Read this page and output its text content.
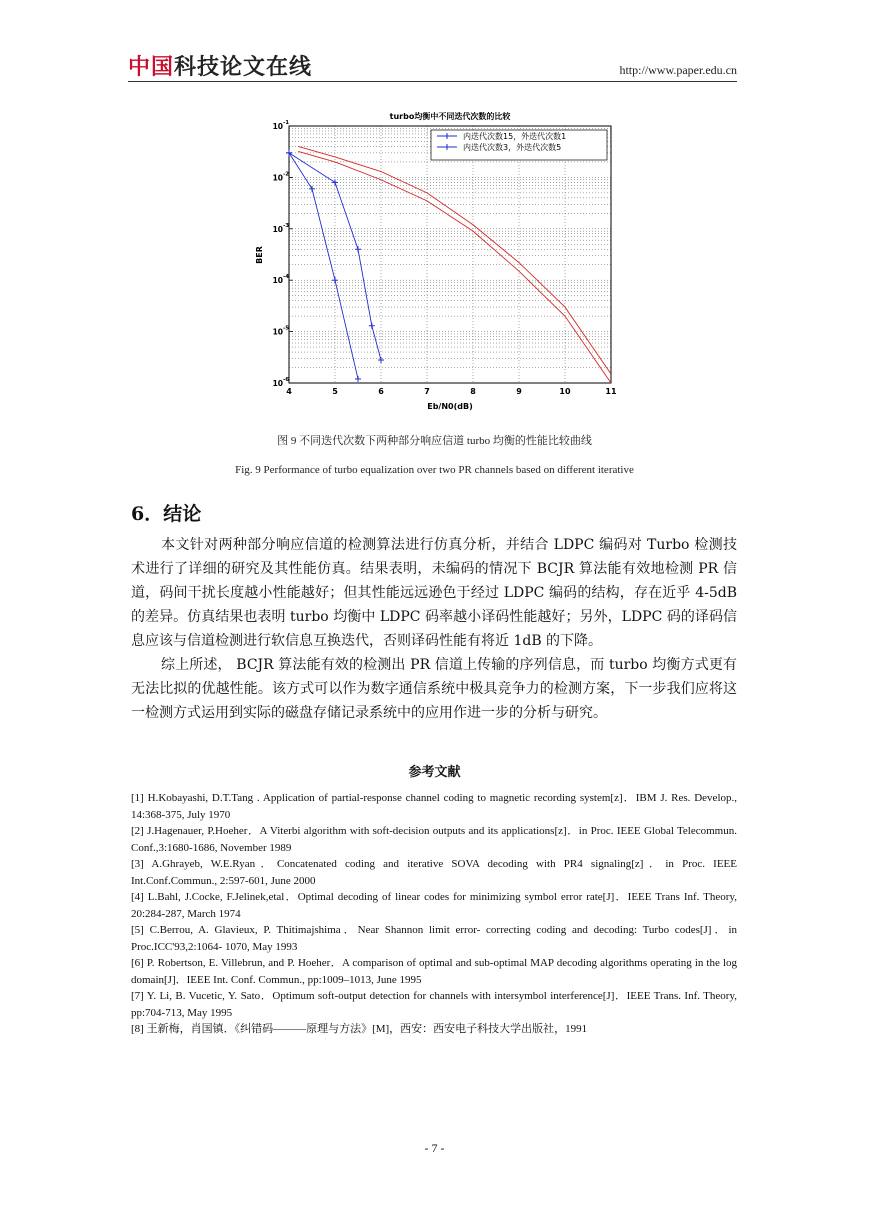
中国科技论文在线	http://www.paper.edu.cn
4	5	6	7	8	9	10	11
10 -1
10 -2
10 -3
10 -4
10 -5
10 -6
内迭代次数15，外迭代次数1
内迭代次数3，外迭代次数5
turbo均衡中不同迭代次数的比较
Eb/N0(dB)
BER
图 9 不同迭代次数下两种部分响应信道 turbo 均衡的性能比较曲线
Fig. 9 Performance of turbo equalization over two PR channels based on different iterative
6．结论

本文针对两种部分响应信道的检测算法进行仿真分析，并结合 LDPC 编码对 Turbo 检测技术进行了详细的研究及其性能仿真。结果表明，未编码的情况下 BCJR 算法能有效地检测 PR 信道，码间干扰长度越小性能越好；但其性能远远逊色于经过 LDPC 编码的结构，存在近乎 4-5dB 的差异。仿真结果也表明 turbo 均衡中 LDPC 码率越小译码性能越好；另外，LDPC 码的译码信息应该与信道检测进行软信息互换迭代，否则译码性能有将近 1dB 的下降。

综上所述， BCJR 算法能有效的检测出 PR 信道上传输的序列信息，而 turbo 均衡方式更有无法比拟的优越性能。该方式可以作为数字通信系统中极具竞争力的检测方案，下一步我们应将这一检测方式运用到实际的磁盘存储记录系统中的应用作进一步的分析与研究。

参考文献
[1] H.Kobayashi, D.T.Tang . Application of partial-response channel coding to magnetic recording system[z]．IBM J. Res. Develop., 14:368-375, July 1970
[2] J.Hagenauer, P.Hoeher．A Viterbi algorithm with soft-decision outputs and its applications[z]．in Proc. IEEE Global Telecommun. Conf.,3:1680-1686, November 1989
[3] A.Ghrayeb, W.E.Ryan．Concatenated coding and iterative SOVA decoding with PR4 signaling[z]．in Proc. IEEE Int.Conf.Commun., 2:597-601, June 2000
[4] L.Bahl, J.Cocke, F.Jelinek,etal．Optimal decoding of linear codes for minimizing symbol error rate[J]．IEEE Trans Inf. Theory, 20:284-287, March 1974
[5] C.Berrou, A. Glavieux, P. Thitimajshima．Near Shannon limit error- correcting coding and decoding: Turbo codes[J]．in Proc.ICC'93,2:1064- 1070, May 1993
[6] P. Robertson, E. Villebrun, and P. Hoeher．A comparison of optimal and sub-optimal MAP decoding algorithms operating in the log domain[J]．IEEE Int. Conf. Commun., pp:1009–1013, June 1995
[7] Y. Li, B. Vucetic, Y. Sato．Optimum soft-output detection for channels with intersymbol interference[J]．IEEE Trans. Inf. Theory, pp:704-713, May 1995
[8] 王新梅，肖国镇．《纠错码———原理与方法》[M]，西安：西安电子科技大学出版社，1991
- 7 -
